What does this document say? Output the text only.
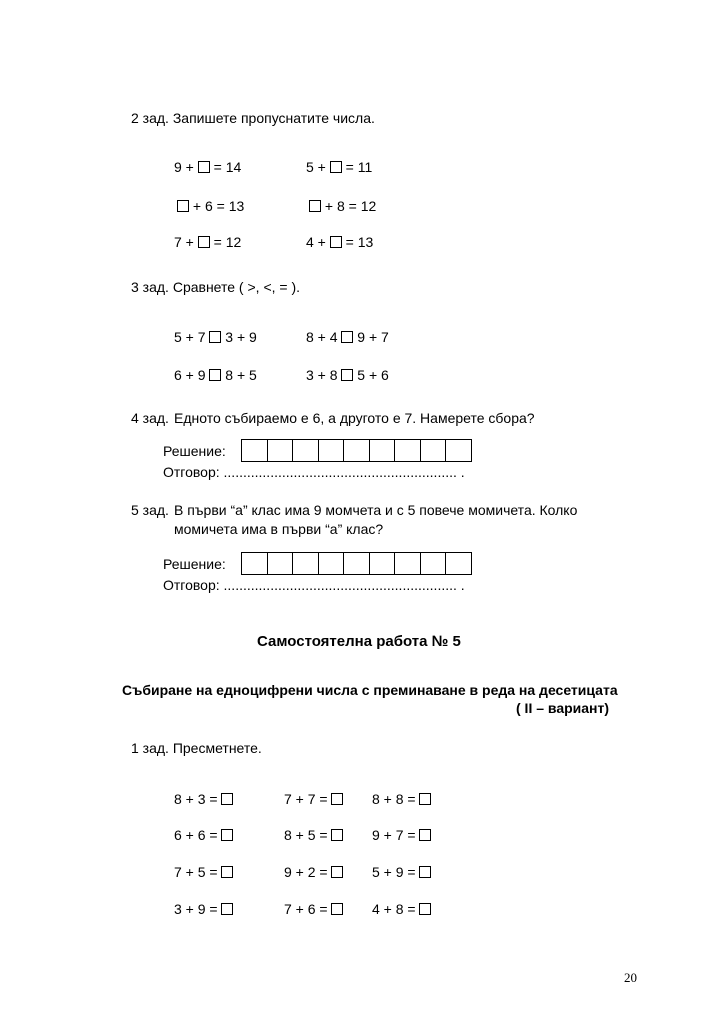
2 зад. Запишете пропуснатите числа.
9 +  = 14	5 +  = 11
+ 6 = 13	+ 8 = 12
7 +  = 12	4 +  = 13
3 зад. Сравнете ( >, <, = ).
5 + 7  3 + 9	8 + 4  9 + 7
6 + 9  8 + 5	3 + 8  5 + 6
4 зад. Едното събираемо е 6, а другото е 7. Намерете сбора?
Решение:
Отговор: ............................................................ .
5 зад. В първи “а” клас има 9 момчета и с 5 повече момичета. Колко
момичета има в първи “а” клас?
Решение:
Отговор: ............................................................ .
Самостоятелна работа № 5
Събиране на едноцифрени числа с преминаване в реда на десетицата
( II – вариант)
1 зад. Пресметнете.
8 + 3 =	7 + 7 =	8 + 8 =
6 + 6 =	8 + 5 =	9 + 7 =
7 + 5 =	9 + 2 =	5 + 9 =
3 + 9 =	7 + 6 =	4 + 8 =
20
